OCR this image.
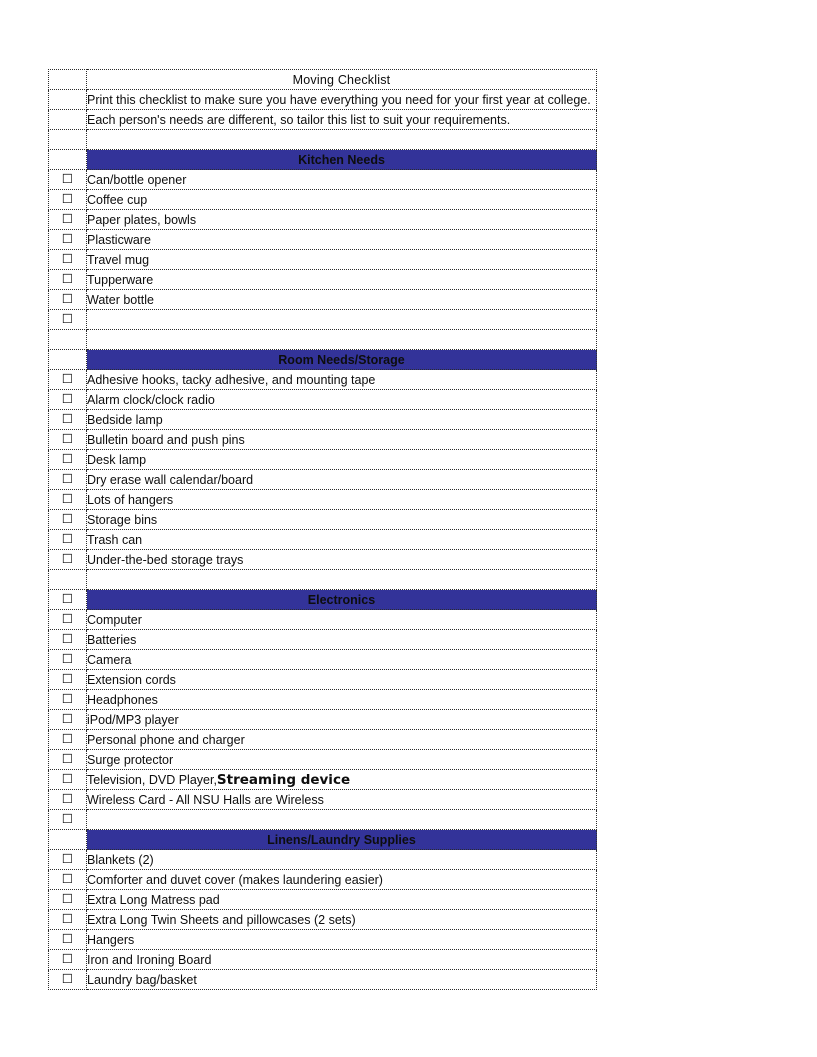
	Moving Checklist

	Print this checklist to make sure you have everything you need for your first year at college.

	Each person's needs are different, so tailor this list to suit your requirements.

	Kitchen Needs
☐	Can/bottle opener
☐	Coffee cup
☐	Paper plates, bowls
☐	Plasticware
☐	Travel mug
☐	Tupperware
☐	Water bottle
☐	

	Room Needs/Storage
☐	Adhesive hooks, tacky adhesive, and mounting tape
☐	Alarm clock/clock radio
☐	Bedside lamp
☐	Bulletin board and push pins
☐	Desk lamp
☐	Dry erase wall calendar/board
☐	Lots of hangers
☐	Storage bins
☐	Trash can
☐	Under-the-bed storage trays

☐	Electronics
☐	Computer
☐	Batteries
☐	Camera
☐	Extension cords
☐	Headphones
☐	iPod/MP3 player
☐	Personal phone and charger
☐	Surge protector
☐	Television, DVD Player,Streaming device
☐	Wireless Card - All NSU Halls are Wireless
☐	
	Linens/Laundry Supplies
☐	Blankets (2)
☐	Comforter and duvet cover (makes laundering easier)
☐	Extra Long Matress pad
☐	Extra Long Twin Sheets and pillowcases (2 sets)
☐	Hangers
☐	Iron and Ironing Board
☐	Laundry bag/basket
